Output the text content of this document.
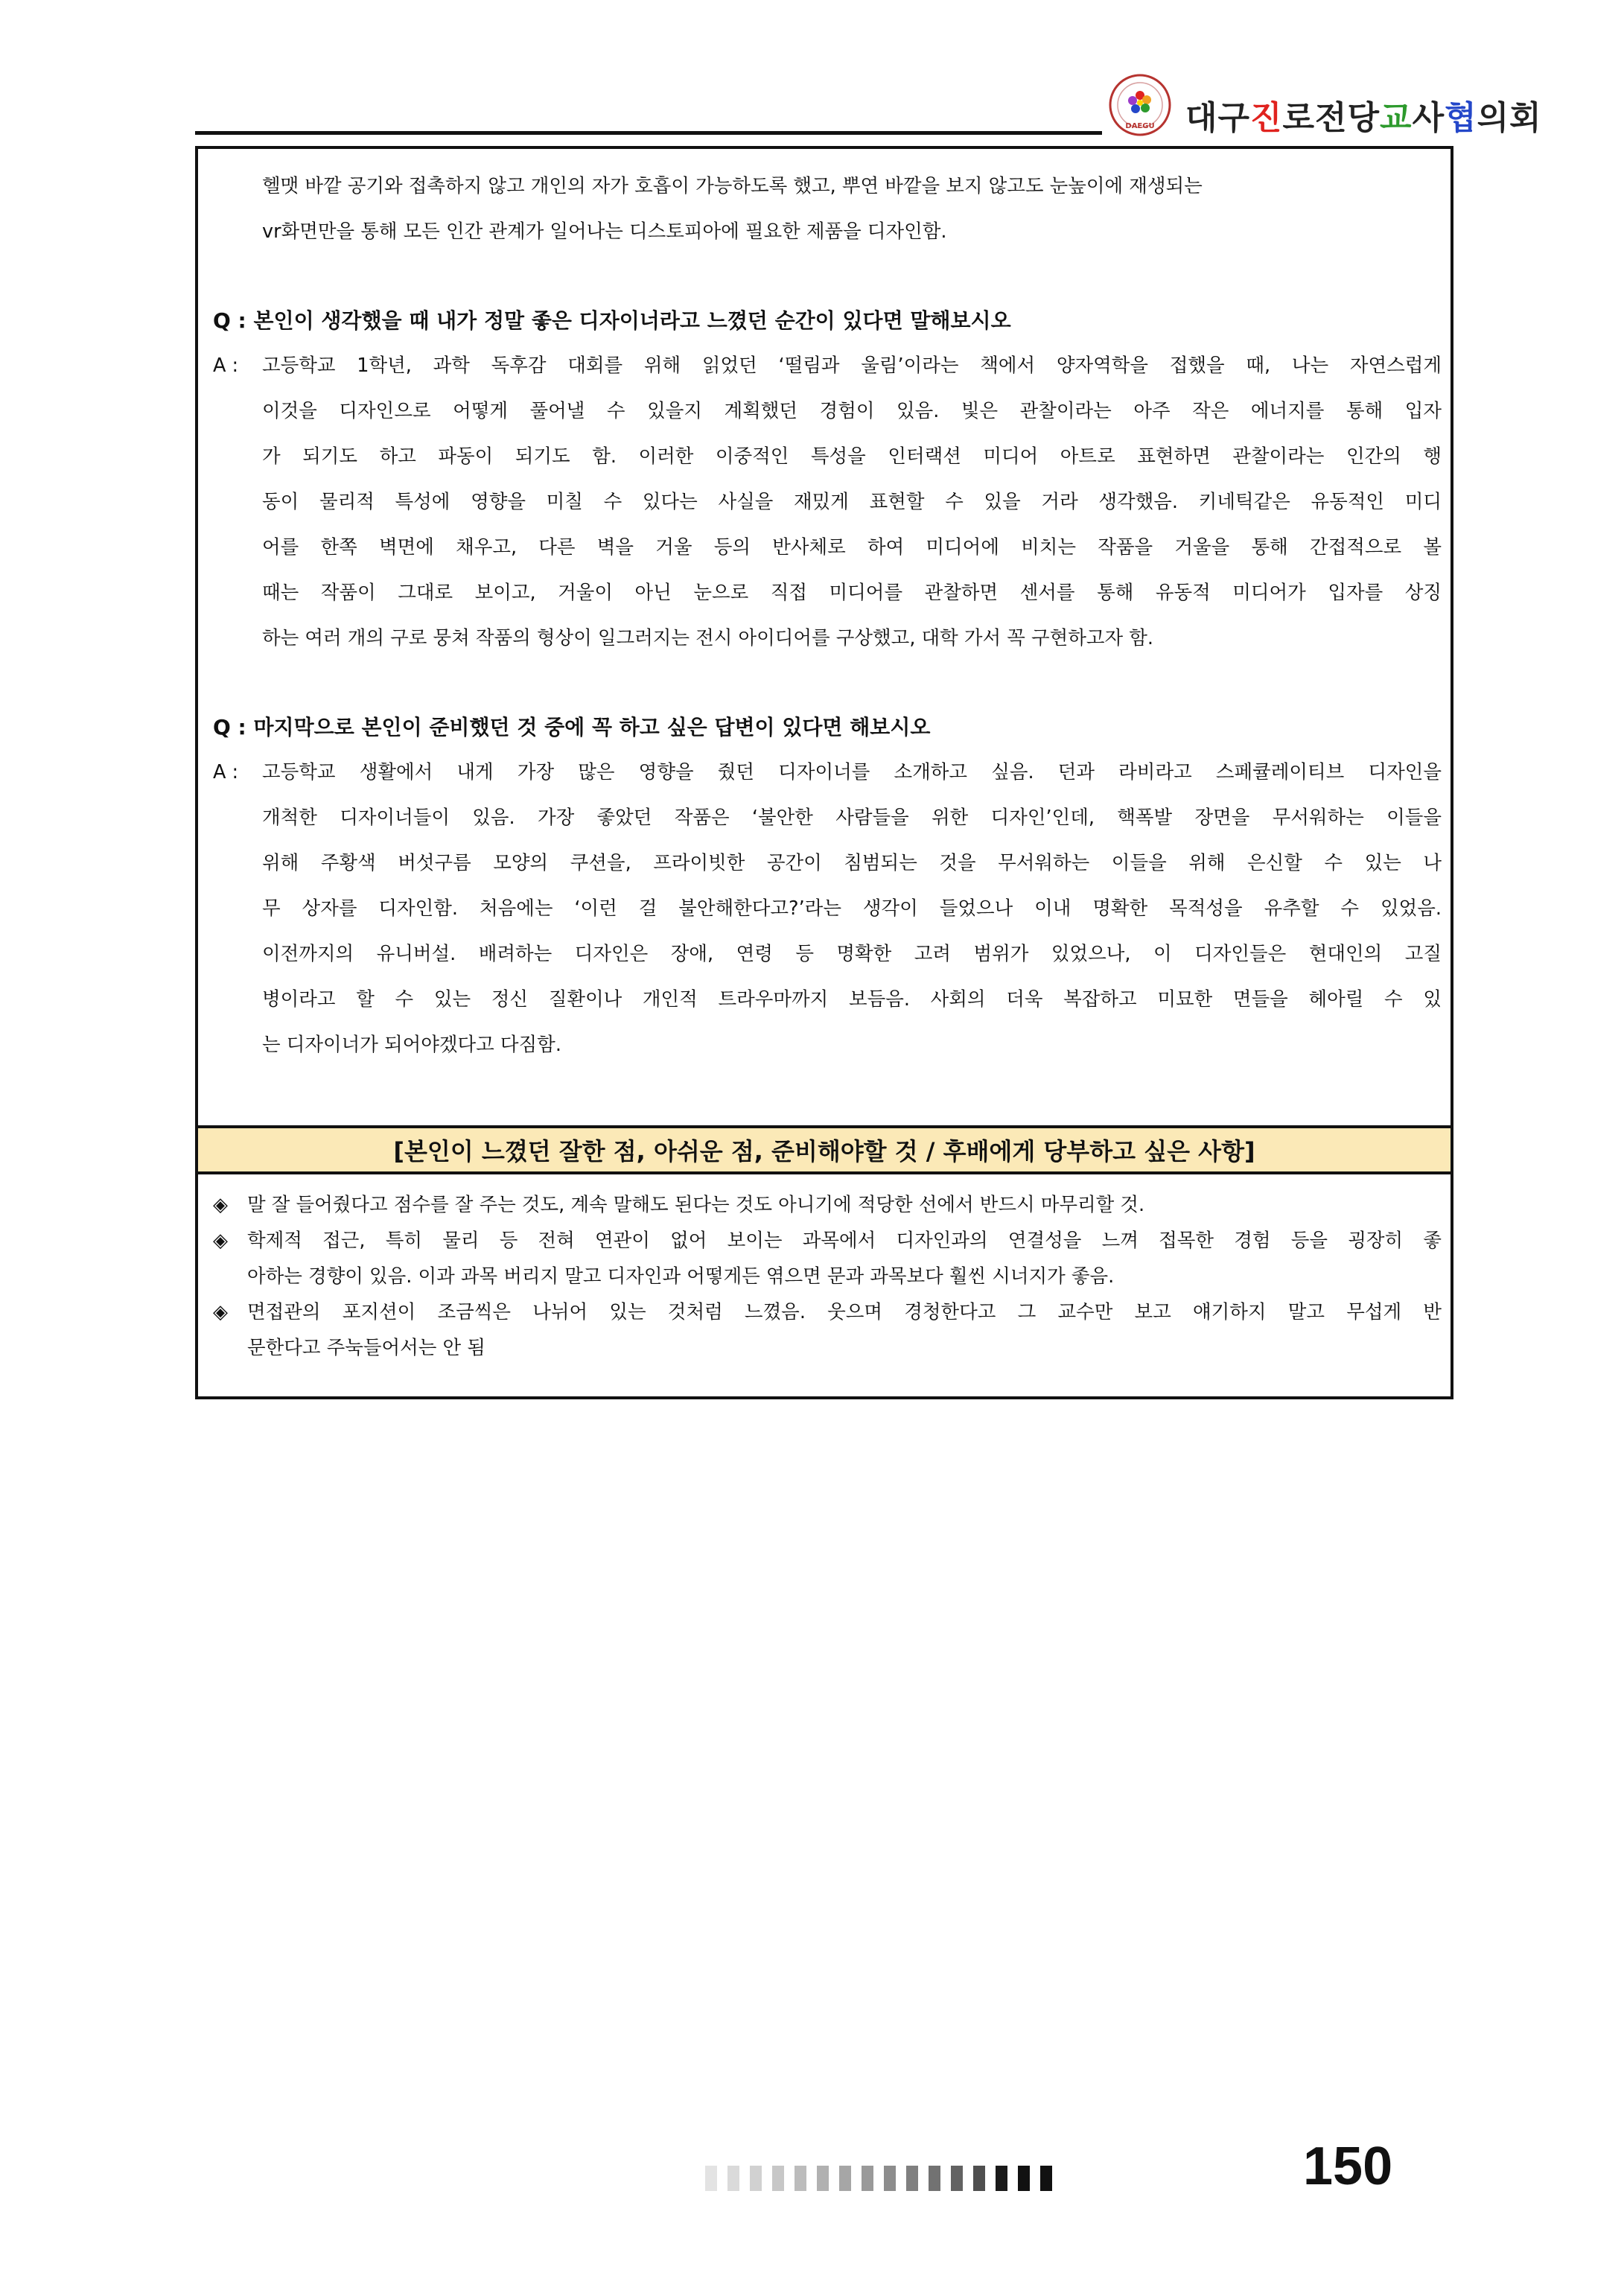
DAEGU 대구진로전당교사협의회
헬맷 바깥 공기와 접촉하지 않고 개인의 자가 호흡이 가능하도록 했고, 뿌연 바깥을 보지 않고도 눈높이에 재생되는
vr화면만을 통해 모든 인간 관계가 일어나는 디스토피아에 필요한 제품을 디자인함.
Q : 본인이 생각했을 때 내가 정말 좋은 디자이너라고 느꼈던 순간이 있다면 말해보시오
A :	고등학교 1학년, 과학 독후감 대회를 위해 읽었던 ‘떨림과 울림’이라는 책에서 양자역학을 접했을 때, 나는 자연스럽게
이것을 디자인으로 어떻게 풀어낼 수 있을지 계획했던 경험이 있음. 빛은 관찰이라는 아주 작은 에너지를 통해 입자
가 되기도 하고 파동이 되기도 함. 이러한 이중적인 특성을 인터랙션 미디어 아트로 표현하면 관찰이라는 인간의 행
동이 물리적 특성에 영향을 미칠 수 있다는 사실을 재밌게 표현할 수 있을 거라 생각했음. 키네틱같은 유동적인 미디
어를 한쪽 벽면에 채우고, 다른 벽을 거울 등의 반사체로 하여 미디어에 비치는 작품을 거울을 통해 간접적으로 볼
때는 작품이 그대로 보이고, 거울이 아닌 눈으로 직접 미디어를 관찰하면 센서를 통해 유동적 미디어가 입자를 상징
하는 여러 개의 구로 뭉쳐 작품의 형상이 일그러지는 전시 아이디어를 구상했고, 대학 가서 꼭 구현하고자 함.
Q : 마지막으로 본인이 준비했던 것 중에 꼭 하고 싶은 답변이 있다면 해보시오
A :	고등학교 생활에서 내게 가장 많은 영향을 줬던 디자이너를 소개하고 싶음. 던과 라비라고 스페큘레이티브 디자인을
개척한 디자이너들이 있음. 가장 좋았던 작품은 ‘불안한 사람들을 위한 디자인’인데, 핵폭발 장면을 무서워하는 이들을
위해 주황색 버섯구름 모양의 쿠션을, 프라이빗한 공간이 침범되는 것을 무서워하는 이들을 위해 은신할 수 있는 나
무 상자를 디자인함. 처음에는 ‘이런 걸 불안해한다고?’라는 생각이 들었으나 이내 명확한 목적성을 유추할 수 있었음.
이전까지의 유니버설. 배려하는 디자인은 장애, 연령 등 명확한 고려 범위가 있었으나, 이 디자인들은 현대인의 고질
병이라고 할 수 있는 정신 질환이나 개인적 트라우마까지 보듬음. 사회의 더욱 복잡하고 미묘한 면들을 헤아릴 수 있
는 디자이너가 되어야겠다고 다짐함.
[본인이 느꼈던 잘한 점, 아쉬운 점, 준비해야할 것 / 후배에게 당부하고 싶은 사항]
◈	말 잘 들어줬다고 점수를 잘 주는 것도, 계속 말해도 된다는 것도 아니기에 적당한 선에서 반드시 마무리할 것.
◈	학제적 접근, 특히 물리 등 전혀 연관이 없어 보이는 과목에서 디자인과의 연결성을 느껴 접목한 경험 등을 굉장히 좋
아하는 경향이 있음. 이과 과목 버리지 말고 디자인과 어떻게든 엮으면 문과 과목보다 훨씬 시너지가 좋음.
◈	면접관의 포지션이 조금씩은 나뉘어 있는 것처럼 느꼈음. 웃으며 경청한다고 그 교수만 보고 얘기하지 말고 무섭게 반
문한다고 주눅들어서는 안 됨
150
